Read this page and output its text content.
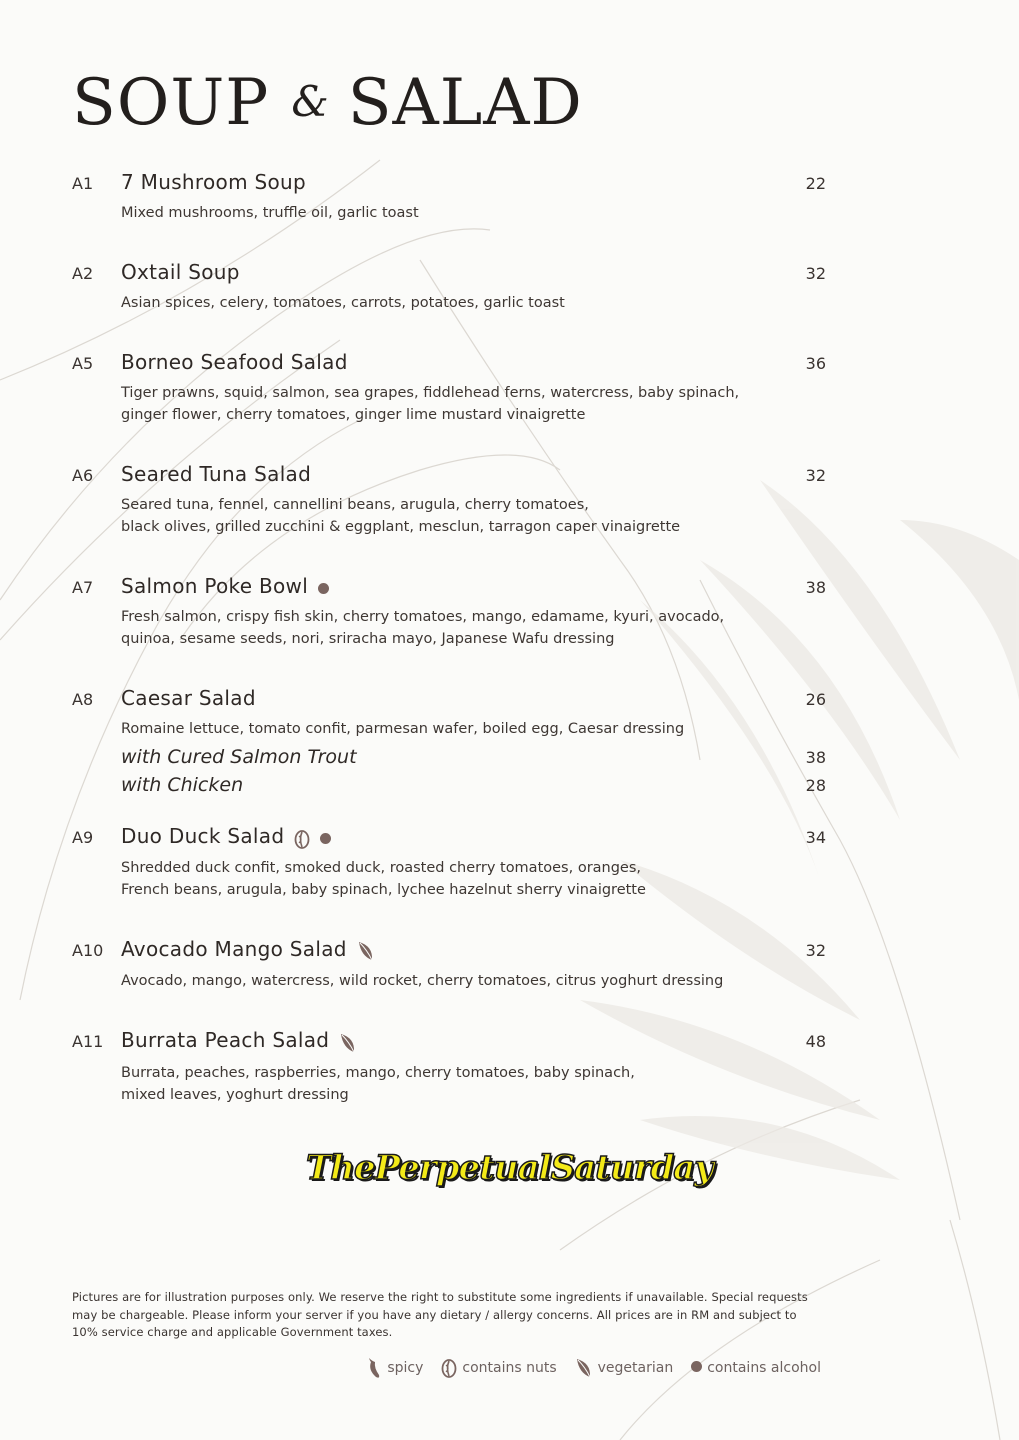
SOUP & SALAD
A1	7 Mushroom Soup	22
Mixed mushrooms, truffle oil, garlic toast
A2	Oxtail Soup	32
Asian spices, celery, tomatoes, carrots, potatoes, garlic toast
A5	Borneo Seafood Salad	36
Tiger prawns, squid, salmon, sea grapes, fiddlehead ferns, watercress, baby spinach,
ginger flower, cherry tomatoes, ginger lime mustard vinaigrette
A6	Seared Tuna Salad	32
Seared tuna, fennel, cannellini beans, arugula, cherry tomatoes,
black olives, grilled zucchini & eggplant, mesclun, tarragon caper vinaigrette
A7	Salmon Poke Bowl	38
Fresh salmon, crispy fish skin, cherry tomatoes, mango, edamame, kyuri, avocado,
quinoa, sesame seeds, nori, sriracha mayo, Japanese Wafu dressing
A8	Caesar Salad	26
Romaine lettuce, tomato confit, parmesan wafer, boiled egg, Caesar dressing
with Cured Salmon Trout	38
with Chicken	28
A9	Duo Duck Salad	34
Shredded duck confit, smoked duck, roasted cherry tomatoes, oranges,
French beans, arugula, baby spinach, lychee hazelnut sherry vinaigrette
A10 Avocado Mango Salad	32
Avocado, mango, watercress, wild rocket, cherry tomatoes, citrus yoghurt dressing
A11 Burrata Peach Salad	48
Burrata, peaches, raspberries, mango, cherry tomatoes, baby spinach,
mixed leaves, yoghurt dressing
ThePerpetualSaturday

Pictures are for illustration purposes only. We reserve the right to substitute some ingredients if unavailable. Special requests may be chargeable. Please inform your server if you have any dietary / allergy concerns. All prices are in RM and subject to 10% service charge and applicable Government taxes.

spicy	contains nuts	vegetarian contains alcohol
